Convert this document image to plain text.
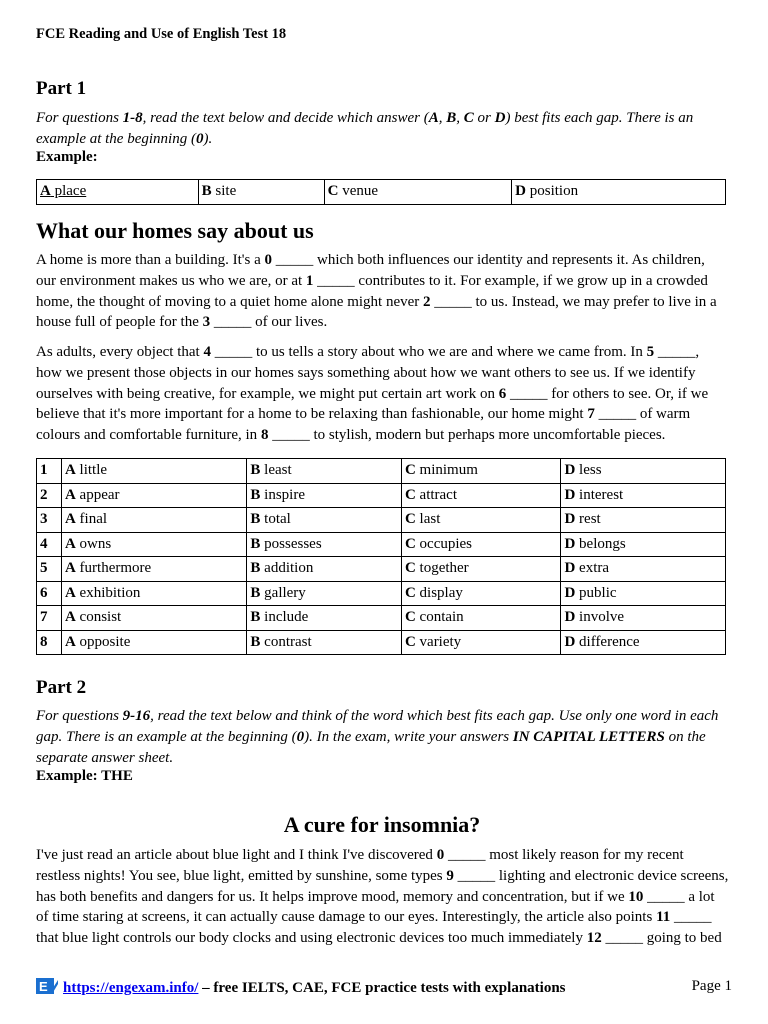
FCE Reading and Use of English Test 18
Part 1

For questions 1-8, read the text below and decide which answer (A, B, C or D) best fits each gap. There is an example at the beginning (0).

Example:
A place	B site	C venue	D position
What our homes say about us

A home is more than a building. It's a 0 _____ which both influences our identity and represents it. As children, our environment makes us who we are, or at 1 _____ contributes to it. For example, if we grow up in a crowded home, the thought of moving to a quiet home alone might never 2 _____ to us. Instead, we may prefer to live in a house full of people for the 3 _____ of our lives.

As adults, every object that 4 _____ to us tells a story about who we are and where we came from. In 5 _____, how we present those objects in our homes says something about how we want others to see us. If we identify ourselves with being creative, for example, we might put certain art work on 6 _____ for others to see. Or, if we believe that it's more important for a home to be relaxing than fashionable, our home might 7 _____ of warm colours and comfortable furniture, in 8 _____ to stylish, modern but perhaps more uncomfortable pieces.

1	A little	B least	C minimum	D less
2	A appear	B inspire	C attract	D interest
3	A final	B total	C last	D rest
4	A owns	B possesses	C occupies	D belongs
5	A furthermore	B addition	C together	D extra
6	A exhibition	B gallery	C display	D public
7	A consist	B include	C contain	D involve
8	A opposite	B contrast	C variety	D difference
Part 2

For questions 9-16, read the text below and think of the word which best fits each gap. Use only one word in each gap. There is an example at the beginning (0). In the exam, write your answers IN CAPITAL LETTERS on the separate answer sheet.

Example: THE
A cure for insomnia?

I've just read an article about blue light and I think I've discovered 0 _____ most likely reason for my recent restless nights! You see, blue light, emitted by sunshine, some types 9 _____ lighting and electronic device screens, has both benefits and dangers for us. It helps improve mood, memory and concentration, but if we 10 _____ a lot of time staring at screens, it can actually cause damage to our eyes. Interestingly, the article also points 11 _____ that blue light controls our body clocks and using electronic devices too much immediately 12 _____ going to bed

E https://engexam.info/ – free IELTS, CAE, FCE practice tests with explanations	Page 1
